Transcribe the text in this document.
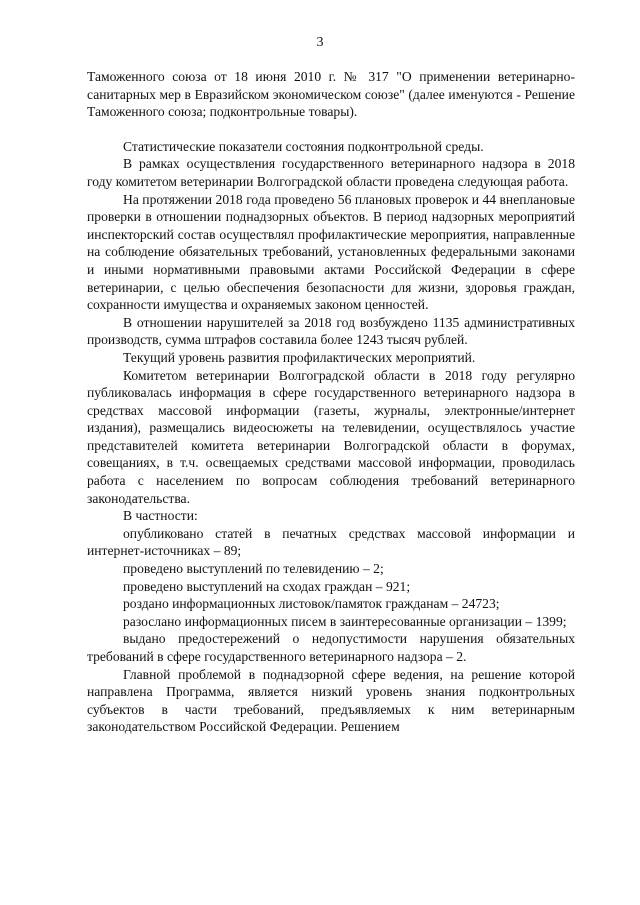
3

Таможенного союза от 18 июня 2010 г. № 317 "О применении ветеринарно-санитарных мер в Евразийском экономическом союзе" (далее именуются - Решение Таможенного союза; подконтрольные товары).

Статистические показатели состояния подконтрольной среды.

В рамках осуществления государственного ветеринарного надзора в 2018 году комитетом ветеринарии Волгоградской области проведена следующая работа.

На протяжении 2018 года проведено 56 плановых проверок и 44 внеплановые проверки в отношении поднадзорных объектов. В период надзорных мероприятий инспекторский состав осуществлял профилактические мероприятия, направленные на соблюдение обязательных требований, установленных федеральными законами и иными нормативными правовыми актами Российской Федерации в сфере ветеринарии, с целью обеспечения безопасности для жизни, здоровья граждан, сохранности имущества и охраняемых законом ценностей.

В отношении нарушителей за 2018 год возбуждено 1135 административных производств, сумма штрафов составила более 1243 тысяч рублей.

Текущий уровень развития профилактических мероприятий.

Комитетом ветеринарии Волгоградской области в 2018 году регулярно публиковалась информация в сфере государственного ветеринарного надзора в средствах массовой информации (газеты, журналы, электронные/интернет издания), размещались видеосюжеты на телевидении, осуществлялось участие представителей комитета ветеринарии Волгоградской области в форумах, совещаниях, в т.ч. освещаемых средствами массовой информации, проводилась работа с населением по вопросам соблюдения требований ветеринарного законодательства.

В частности:

опубликовано статей в печатных средствах массовой информации и интернет-источниках – 89;

проведено выступлений по телевидению – 2;

проведено выступлений на сходах граждан – 921;

роздано информационных листовок/памяток гражданам – 24723;

разослано информационных писем в заинтересованные организации – 1399;

выдано предостережений о недопустимости нарушения обязательных требований в сфере государственного ветеринарного надзора – 2.

Главной проблемой в поднадзорной сфере ведения, на решение которой направлена Программа, является низкий уровень знания подконтрольных субъектов в части требований, предъявляемых к ним ветеринарным законодательством Российской Федерации. Решением
